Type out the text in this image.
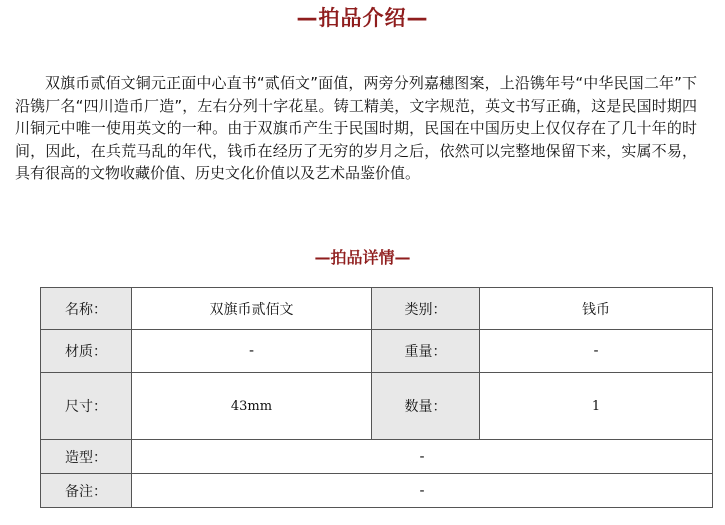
—拍品介绍—

双旗币贰佰文铜元正面中心直书“贰佰文”面值，两旁分列嘉穗图案，上沿镌年号“中华民国二年”下沿镌厂名“四川造币厂造”，左右分列十字花星。铸工精美，文字规范，英文书写正确，这是民国时期四川铜元中唯一使用英文的一种。由于双旗币产生于民国时期，民国在中国历史上仅仅存在了几十年的时间，因此，在兵荒马乱的年代，钱币在经历了无穷的岁月之后，依然可以完整地保留下来，实属不易，具有很高的文物收藏价值、历史文化价值以及艺术品鉴价值。

—拍品详情—
名称：	双旗币贰佰文	类别：	钱币
材质：	-	重量：	-
尺寸：	43mm	数量：	1
造型：	-		
备注：	-		
